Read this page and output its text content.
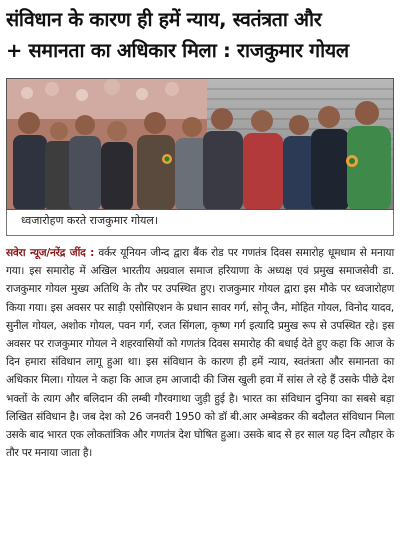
संविधान के कारण ही हमें न्याय, स्वतंत्रता और
+ समानता का अधिकार मिला : राजकुमार गोयल
ध्वजारोहण करते राजकुमार गोयल।
सवेरा न्यूज/नरेंद्र जींद : वर्कर यूनियन जीन्द द्वारा बैंक रोड पर गणतंत्र दिवस समारोह धूमधाम से मनाया गया। इस समारोह में अखिल भारतीय अग्रवाल समाज हरियाणा के अध्यक्ष एवं प्रमुख समाजसेवी डा. राजकुमार गोयल मुख्य अतिथि के तौर पर उपस्थित हुए। राजकुमार गोयल द्वारा इस मौके पर ध्वजारोहण किया गया। इस अवसर पर साड़ी एसोसिएशन के प्रधान सावर गर्ग, सोनू जैन, मोहित गोयल, विनोद यादव, सुनील गोयल, अशोक गोयल, पवन गर्ग, रजत सिंगला, कृष्ण गर्ग इत्यादि प्रमुख रूप से उपस्थित रहे। इस अवसर पर राजकुमार गोयल ने शहरवासियों को गणतंत्र दिवस समारोह की बधाई देते हुए कहा कि आज के दिन हमारा संविधान लागू हुआ था। इस संविधान के कारण ही हमें न्याय, स्वतंत्रता और समानता का अधिकार मिला। गोयल ने कहा कि आज हम आजादी की जिस खुली हवा में सांस ले रहे हैं उसके पीछे देश भक्तों के त्याग और बलिदान की लम्बी गौरवगाथा जुड़ी हुई है। भारत का संविधान दुनिया का सबसे बड़ा लिखित संविधान है। जब देश को 26 जनवरी 1950 को डॉ बी.आर अम्बेडकर की बदौलत संविधान मिला उसके बाद भारत एक लोकतांत्रिक और गणतंत्र देश घोषित हुआ। उसके बाद से हर साल यह दिन त्यौहार के तौर पर मनाया जाता है।
